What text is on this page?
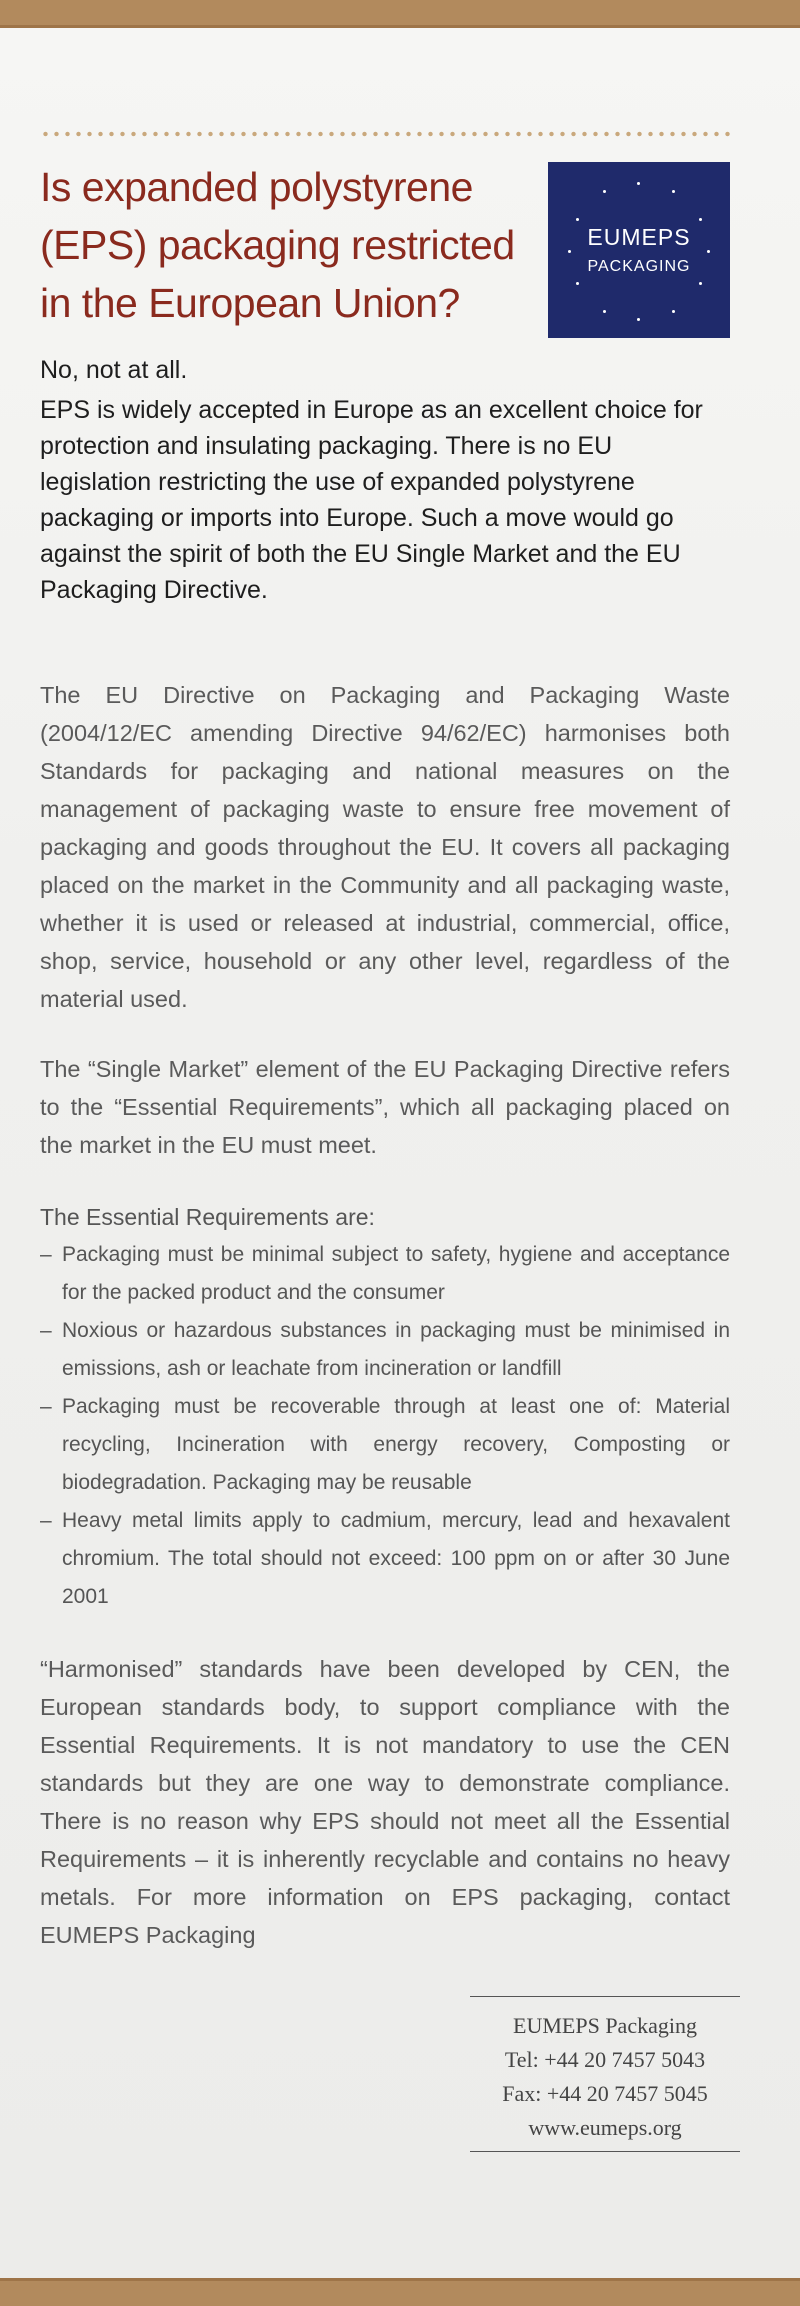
Is expanded polystyrene
(EPS) packaging restricted
in the European Union?
EUMEPS
PACKAGING

No, not at all.

EPS is widely accepted in Europe as an excellent choice for protection and insulating packaging. There is no EU legislation restricting the use of expanded polystyrene packaging or imports into Europe. Such a move would go against the spirit of both the EU Single Market and the EU Packaging Directive.

The EU Directive on Packaging and Packaging Waste (2004/12/EC amending Directive 94/62/EC) harmonises both Standards for packaging and national measures on the management of packaging waste to ensure free movement of packaging and goods throughout the EU. It covers all packaging placed on the market in the Community and all packaging waste, whether it is used or released at industrial, commercial, office, shop, service, household or any other level, regardless of the material used.

The “Single Market” element of the EU Packaging Directive refers to the “Essential Requirements”, which all packaging placed on the market in the EU must meet.

The Essential Requirements are:
– Packaging must be minimal subject to safety, hygiene and acceptance for the packed product and the consumer
– Noxious or hazardous substances in packaging must be minimised in emissions, ash or leachate from incineration or landfill
– Packaging must be recoverable through at least one of: Material recycling, Incineration with energy recovery, Composting or biodegradation. Packaging may be reusable
– Heavy metal limits apply to cadmium, mercury, lead and hexavalent chromium. The total should not exceed: 100 ppm on or after 30 June 2001

“Harmonised” standards have been developed by CEN, the European standards body, to support compliance with the Essential Requirements. It is not mandatory to use the CEN standards but they are one way to demonstrate compliance. There is no reason why EPS should not meet all the Essential Requirements – it is inherently recyclable and contains no heavy metals. For more information on EPS packaging, contact EUMEPS Packaging

EUMEPS Packaging
Tel: +44 20 7457 5043
Fax: +44 20 7457 5045
www.eumeps.org
